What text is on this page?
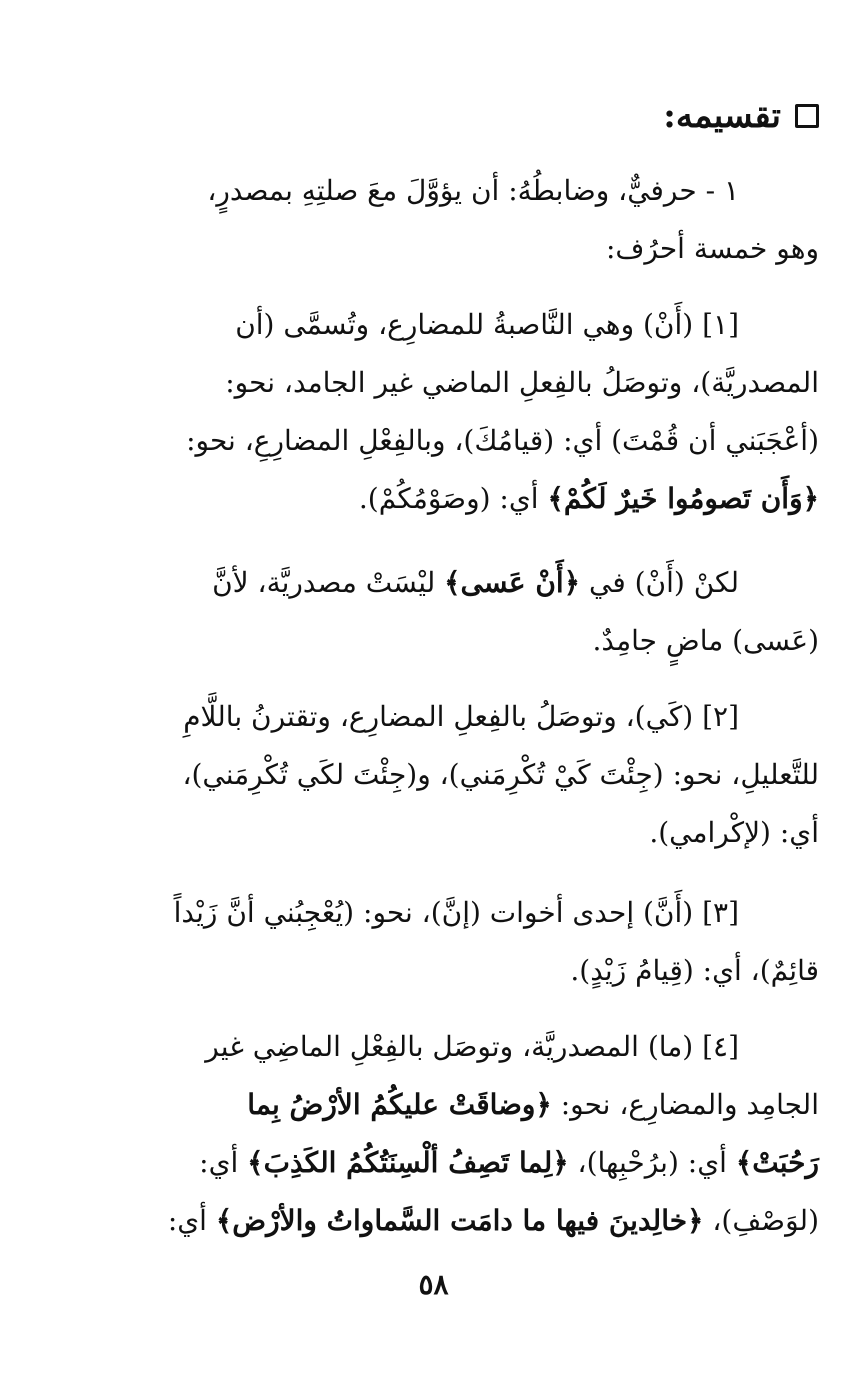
تقسيمه:
١ - حرفيٌّ، وضابطُهُ: أن يؤوَّلَ معَ صلتِهِ بمصدرٍ،
وهو خمسة أحرُف:
[١] (أَنْ) وهي النَّاصبةُ للمضارِع، وتُسمَّى (أن
المصدريَّة)، وتوصَلُ بالفِعلِ الماضي غير الجامد، نحو:
(أعْجَبَني أن قُمْتَ) أي: (قيامُكَ)، وبالفِعْلِ المضارِعِ، نحو:
﴿وَأَن تَصومُوا خَيرٌ لَكُمْ﴾ أي: (وصَوْمُكُمْ).
لكنْ (أَنْ) في ﴿أَنْ عَسى﴾ ليْسَتْ مصدريَّة، لأنَّ
(عَسى) ماضٍ جامِدٌ.
[٢] (كَي)، وتوصَلُ بالفِعلِ المضارِع، وتقترنُ باللَّامِ
للتَّعليلِ، نحو: (جِئْتَ كَيْ تُكْرِمَني)، و(جِئْتَ لكَي تُكْرِمَني)،
أي: (لإكْرامي).
[٣] (أَنَّ) إحدى أخوات (إنَّ)، نحو: (يُعْجِبُني أنَّ زَيْداً
قائِمٌ)، أي: (قِيامُ زَيْدٍ).
[٤] (ما) المصدريَّة، وتوصَل بالفِعْلِ الماضِي غير
الجامِد والمضارِع، نحو: ﴿وضاقَتْ عليكُمُ الأرْضُ بِما
رَحُبَتْ﴾ أي: (برُحْبِها)، ﴿لِما تَصِفُ ألْسِنَتُكُمُ الكَذِبَ﴾ أي:
(لوَصْفِ)، ﴿خالِدينَ فيها ما دامَت السَّماواتُ والأرْض﴾ أي:
٥٨
